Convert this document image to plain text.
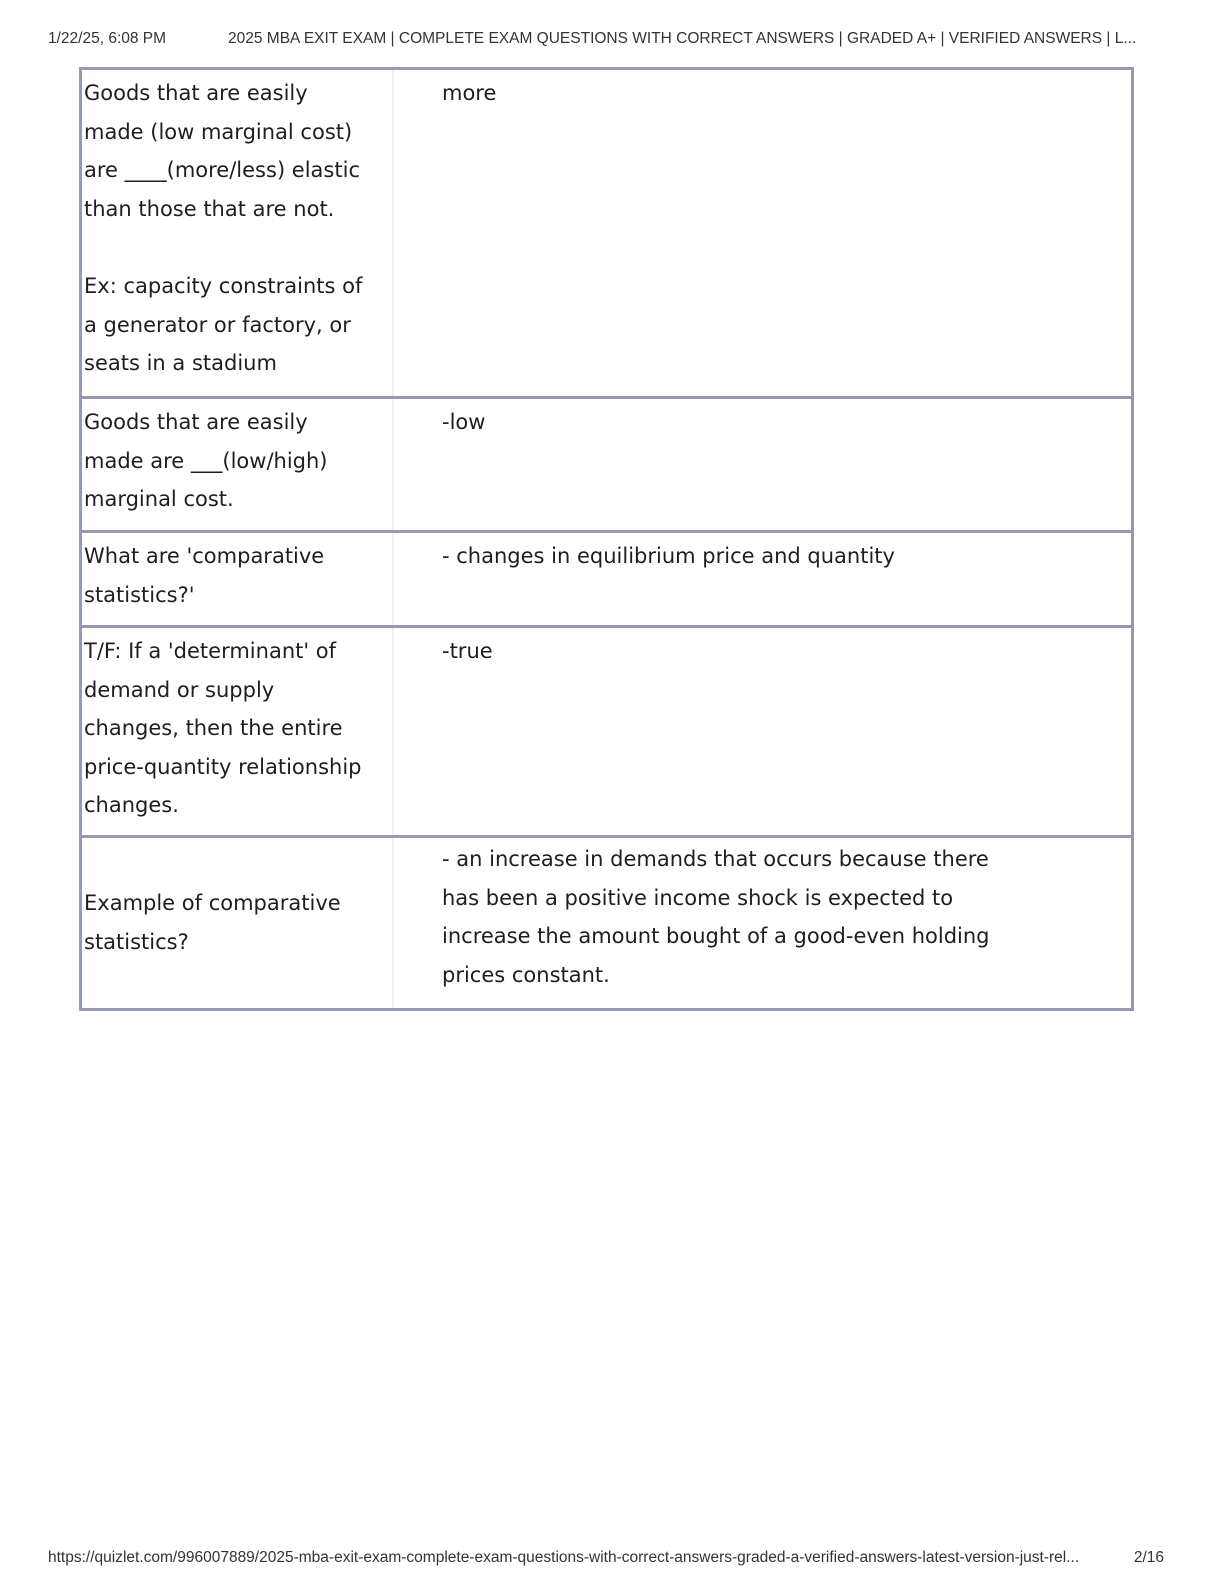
1/22/25, 6:08 PM	2025 MBA EXIT EXAM | COMPLETE EXAM QUESTIONS WITH CORRECT ANSWERS | GRADED A+ | VERIFIED ANSWERS | L...
Goods that are easily
made (low marginal cost)
are ____(more/less) elastic
than those that are not.

Ex: capacity constraints of
a generator or factory, or
seats in a stadium
more
Goods that are easily
made are ___(low/high)
marginal cost.
-low
What are 'comparative
statistics?'
- changes in equilibrium price and quantity
T/F: If a 'determinant' of
demand or supply
changes, then the entire
price-quantity relationship
changes.
-true
Example of comparative
statistics?
- an increase in demands that occurs because there
has been a positive income shock is expected to
increase the amount bought of a good-even holding
prices constant.
https://quizlet.com/996007889/2025-mba-exit-exam-complete-exam-questions-with-correct-answers-graded-a-verified-answers-latest-version-just-rel...	2/16
